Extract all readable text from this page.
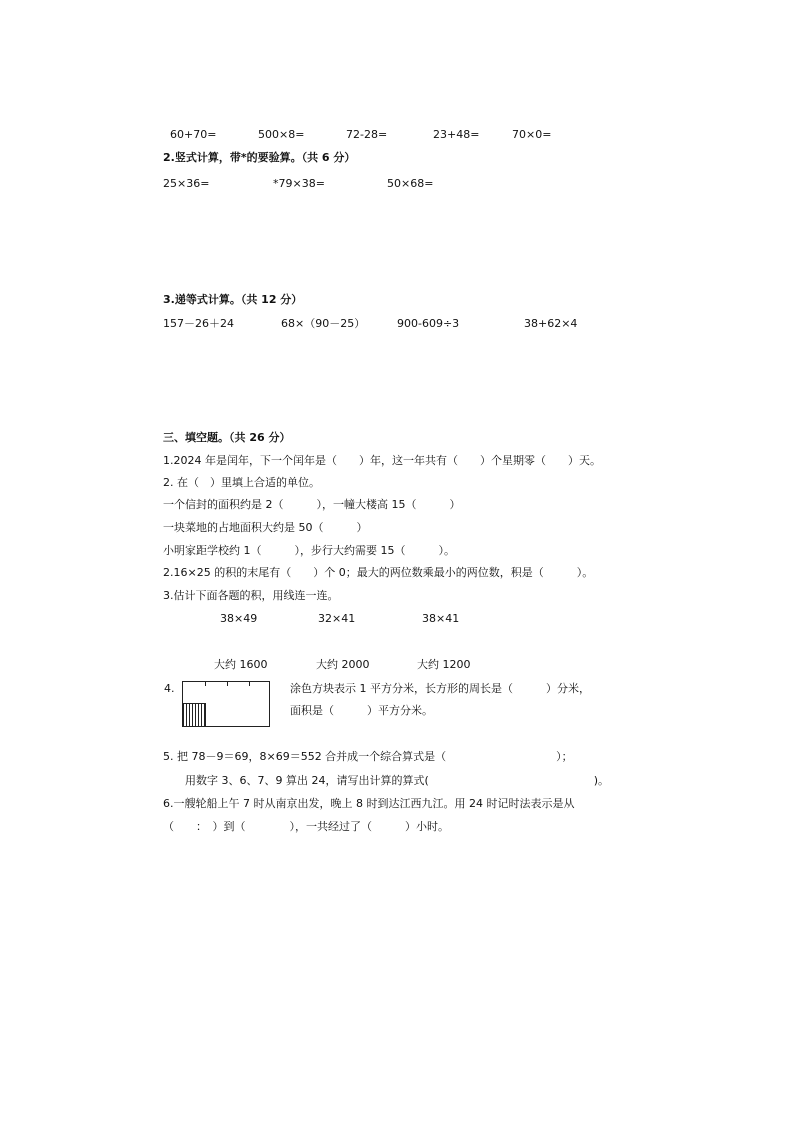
60+70=	500×8=	72-28=	23+48=	70×0=
2.竖式计算，带*的要验算。（共 6 分）
25×36=	*79×38=	50×68=
3.递等式计算。（共 12 分）
157－26＋24	68×（90－25）	900-609÷3	38+62×4
三、填空题。（共 26 分）
1.2024 年是闰年，下一个闰年是（　　）年，这一年共有（　　）个星期零（　　）天。
2. 在（　）里填上合适的单位。
一个信封的面积约是 2（　　　），一幢大楼高 15（　　　）
一块菜地的占地面积大约是 50（　　　）
小明家距学校约 1（　　　），步行大约需要 15（　　　）。
2.16×25 的积的末尾有（　　）个 0；最大的两位数乘最小的两位数，积是（　　　）。
3.估计下面各题的积，用线连一连。
38×49	32×41	38×41
大约 1600	大约 2000	大约 1200
4.	涂色方块表示 1 平方分米，长方形的周长是（　　　）分米，
面积是（　　　）平方分米。
5. 把 78－9＝69，8×69＝552 合并成一个综合算式是（　　　　　　　　　　）；
用数字 3、6、7、9 算出 24，请写出计算的算式(　　　　　　　　　　　　　　　)。
6.一艘轮船上午 7 时从南京出发，晚上 8 时到达江西九江。用 24 时记时法表示是从
（　　：　）到（　　　　），一共经过了（　　　）小时。
